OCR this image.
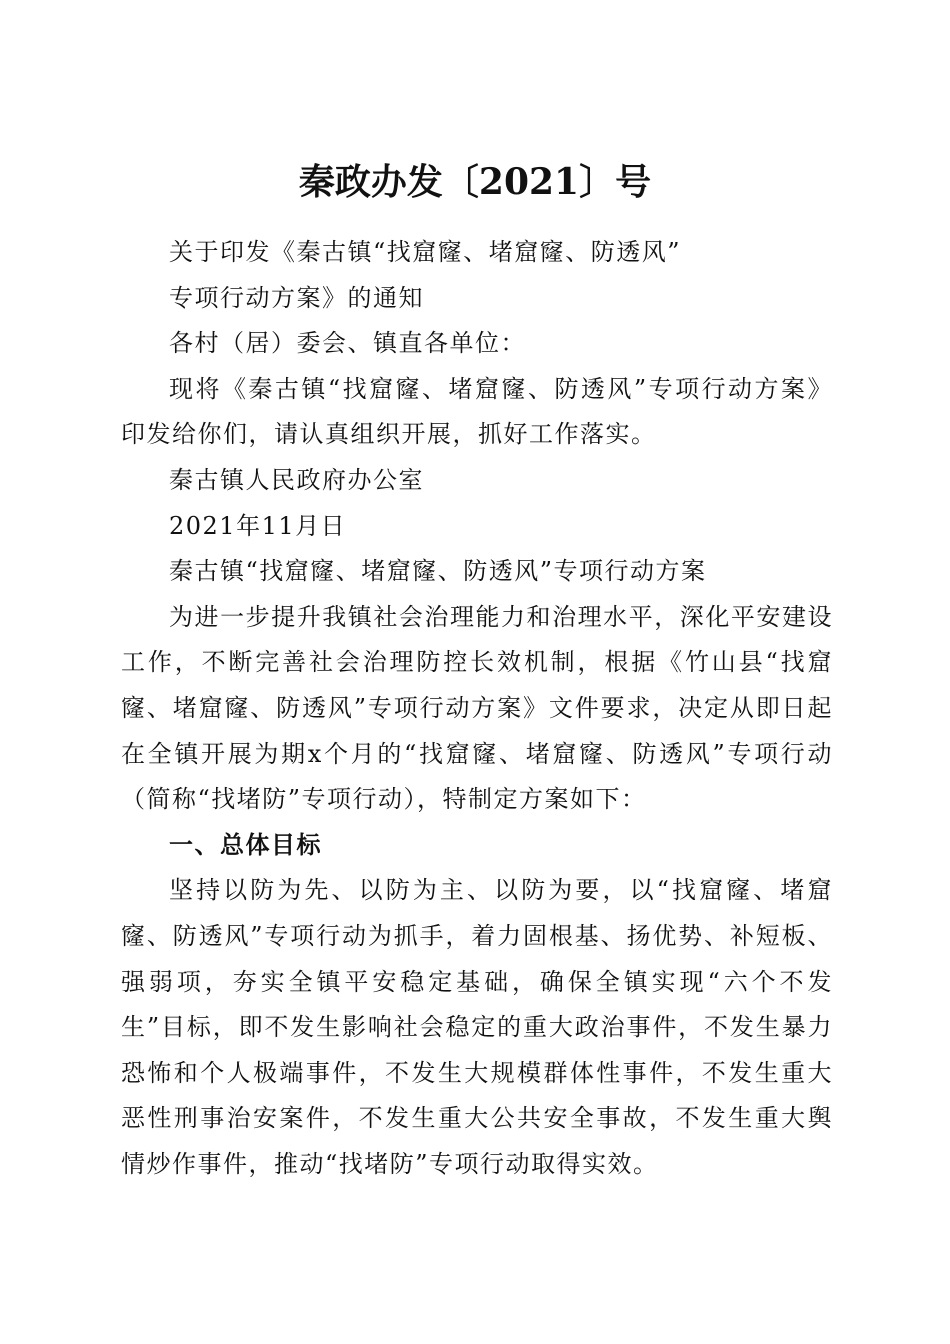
秦政办发〔2021〕号

关于印发《秦古镇“找窟窿、堵窟窿、防透风”

专项行动方案》的通知

各村（居）委会、镇直各单位：

现将《秦古镇“找窟窿、堵窟窿、防透风”专项行动方案》印发给你们，请认真组织开展，抓好工作落实。

秦古镇人民政府办公室

2021年11月日

秦古镇“找窟窿、堵窟窿、防透风”专项行动方案

为进一步提升我镇社会治理能力和治理水平，深化平安建设工作，不断完善社会治理防控长效机制，根据《竹山县“找窟窿、堵窟窿、防透风”专项行动方案》文件要求，决定从即日起在全镇开展为期x个月的“找窟窿、堵窟窿、防透风”专项行动（简称“找堵防”专项行动），特制定方案如下：

一、总体目标

坚持以防为先、以防为主、以防为要，以“找窟窿、堵窟窿、防透风”专项行动为抓手，着力固根基、扬优势、补短板、强弱项，夯实全镇平安稳定基础，确保全镇实现“六个不发生”目标，即不发生影响社会稳定的重大政治事件，不发生暴力恐怖和个人极端事件，不发生大规模群体性事件，不发生重大恶性刑事治安案件，不发生重大公共安全事故，不发生重大舆情炒作事件，推动“找堵防”专项行动取得实效。
